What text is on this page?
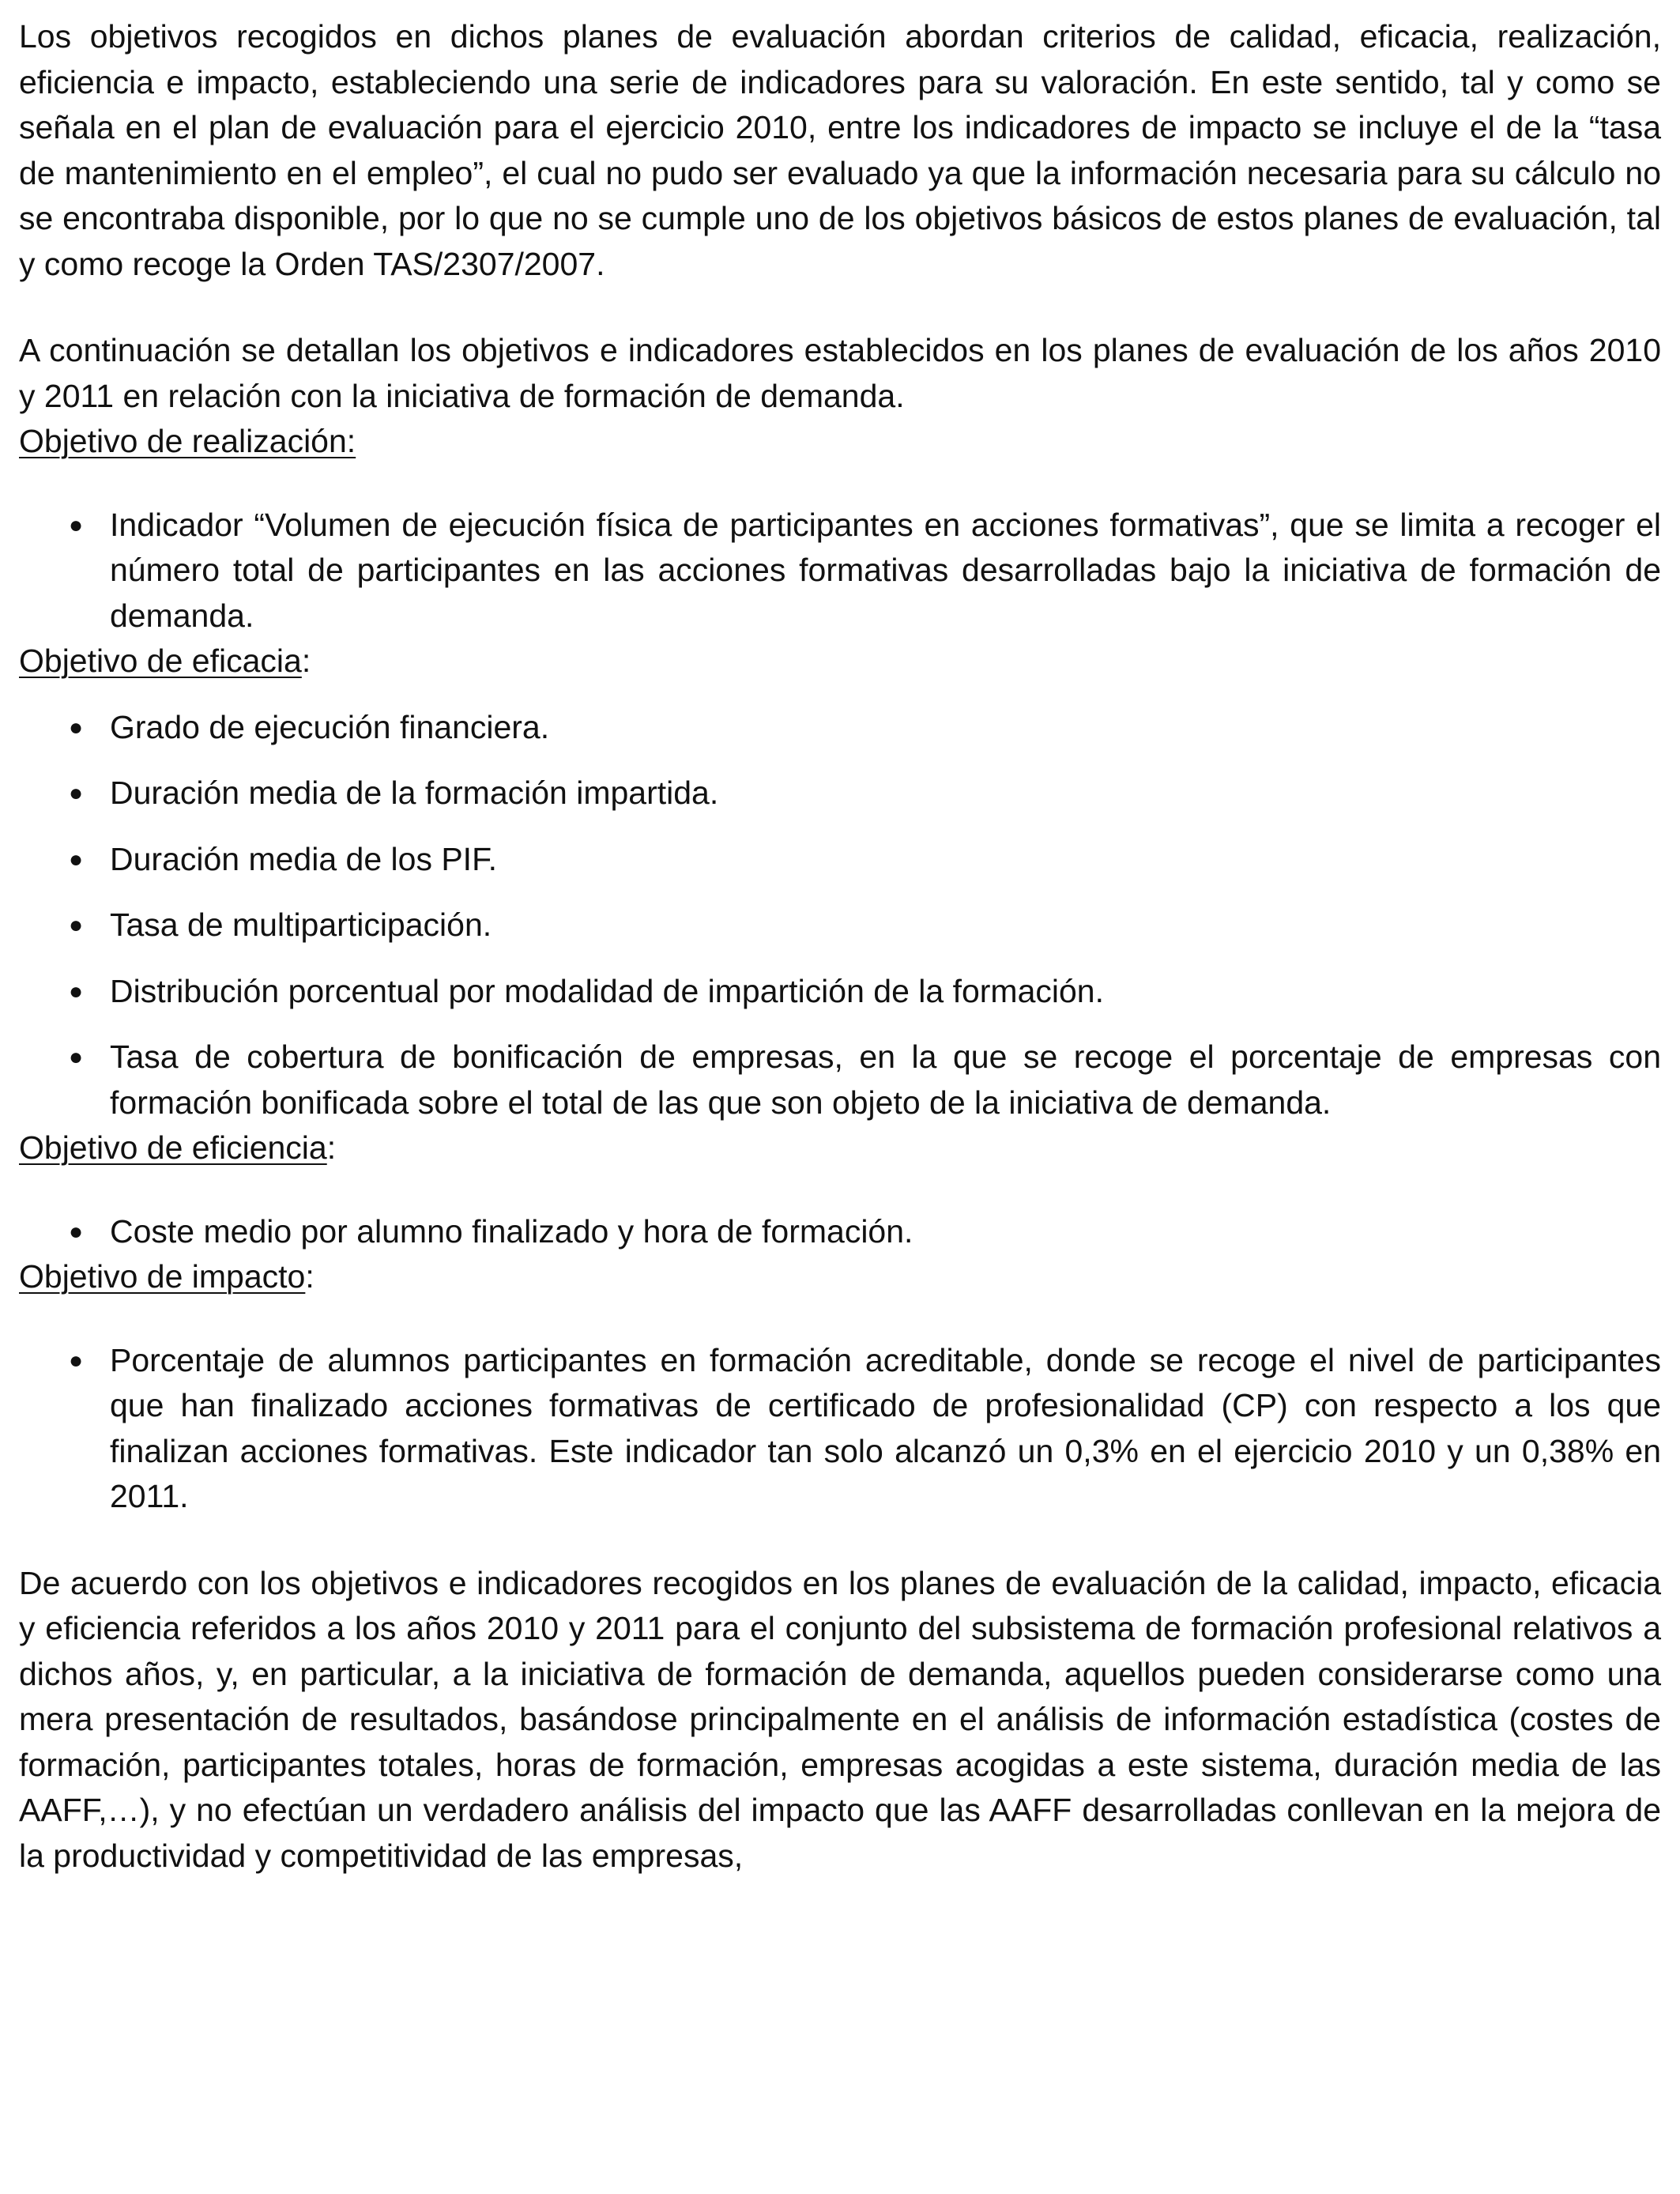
Los objetivos recogidos en dichos planes de evaluación abordan criterios de calidad, eficacia, realización, eficiencia e impacto, estableciendo una serie de indicadores para su valoración. En este sentido, tal y como se señala en el plan de evaluación para el ejercicio 2010, entre los indicadores de impacto se incluye el de la “tasa de mantenimiento en el empleo”, el cual no pudo ser evaluado ya que la información necesaria para su cálculo no se encontraba disponible, por lo que no se cumple uno de los objetivos básicos de estos planes de evaluación, tal y como recoge la Orden TAS/2307/2007.

A continuación se detallan los objetivos e indicadores establecidos en los planes de evaluación de los años 2010 y 2011 en relación con la iniciativa de formación de demanda.

Objetivo de realización:

● Indicador “Volumen de ejecución física de participantes en acciones formativas”, que se limita a recoger el número total de participantes en las acciones formativas desarrolladas bajo la iniciativa de formación de demanda.

Objetivo de eficacia:

● Grado de ejecución financiera.
● Duración media de la formación impartida.
● Duración media de los PIF.
● Tasa de multiparticipación.
● Distribución porcentual por modalidad de impartición de la formación.
● Tasa de cobertura de bonificación de empresas, en la que se recoge el porcentaje de empresas con formación bonificada sobre el total de las que son objeto de la iniciativa de demanda.

Objetivo de eficiencia:

● Coste medio por alumno finalizado y hora de formación.

Objetivo de impacto:

● Porcentaje de alumnos participantes en formación acreditable, donde se recoge el nivel de participantes que han finalizado acciones formativas de certificado de profesionalidad (CP) con respecto a los que finalizan acciones formativas. Este indicador tan solo alcanzó un 0,3% en el ejercicio 2010 y un 0,38% en 2011.

De acuerdo con los objetivos e indicadores recogidos en los planes de evaluación de la calidad, impacto, eficacia y eficiencia referidos a los años 2010 y 2011 para el conjunto del subsistema de formación profesional relativos a dichos años, y, en particular, a la iniciativa de formación de demanda, aquellos pueden considerarse como una mera presentación de resultados, basándose principalmente en el análisis de información estadística (costes de formación, participantes totales, horas de formación, empresas acogidas a este sistema, duración media de las AAFF,…), y no efectúan un verdadero análisis del impacto que las AAFF desarrolladas conllevan en la mejora de la productividad y competitividad de las empresas,
